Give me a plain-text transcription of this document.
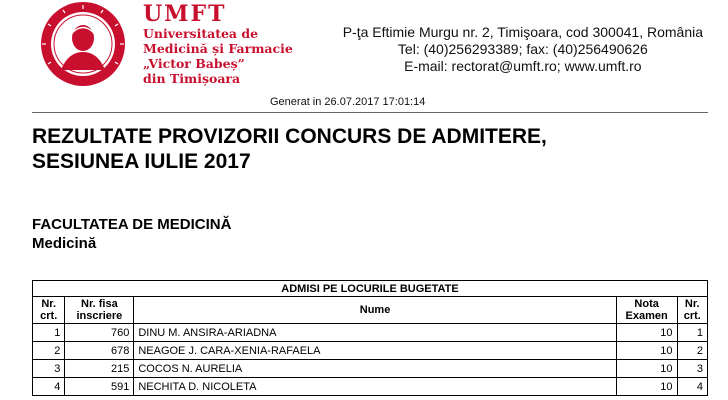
UMFT
Universitatea de
Medicină și Farmacie
„Victor Babeș”
din Timișoara
P-ţa Eftimie Murgu nr. 2, Timişoara, cod 300041, România
Tel: (40)256293389; fax: (40)256490626
E-mail: rectorat@umft.ro; www.umft.ro
Generat in 26.07.2017 17:01:14
REZULTATE PROVIZORII CONCURS DE ADMITERE,
SESIUNEA IULIE 2017
FACULTATEA DE MEDICINĂ
Medicină
ADMISI PE LOCURILE BUGETATE				
Nr. crt.	Nr. fisa inscriere	Nume	Nota Examen	Nr. crt.
1	760	DINU M. ANSIRA-ARIADNA	10	1
2	678	NEAGOE J. CARA-XENIA-RAFAELA	10	2
3	215	COCOS N. AURELIA	10	3
4	591	NECHITA D. NICOLETA	10	4
